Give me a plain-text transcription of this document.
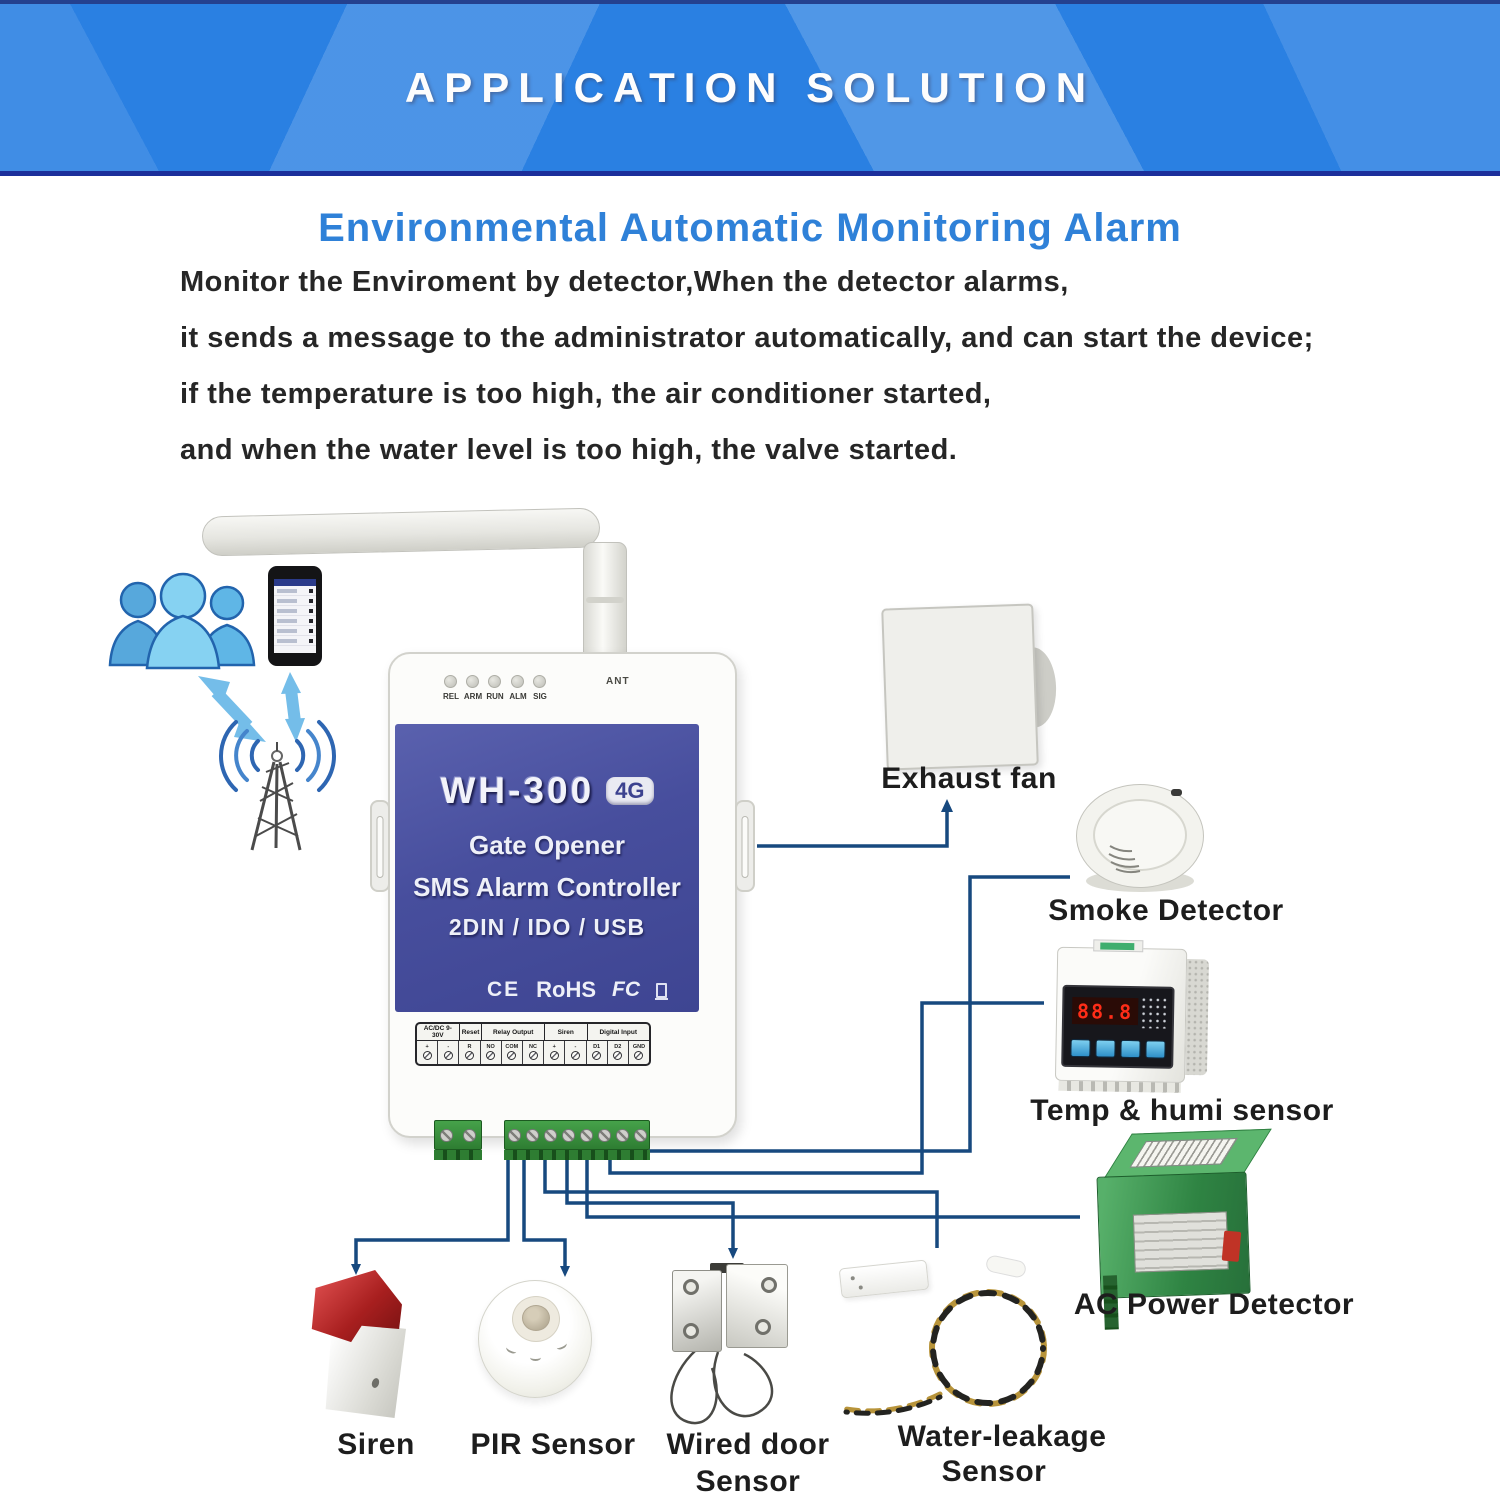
APPLICATION SOLUTION
Environmental Automatic Monitoring Alarm

Monitor the Enviroment by detector,When the detector alarms,

it sends a message to the administrator automatically, and can start the device;

if the temperature is too high, the air conditioner started,

and when the water level is too high, the valve started.

REL ARM RUN ALM SIG
ANT
WH-300 4G
Gate Opener
SMS Alarm Controller
2DIN / IDO / USB
CE RoHS FC
AC/DC 9-30V	Reset	Relay Output	Siren	Digital Input
+	-	R	NO COM NC	+	-	D1	D2 GND
88.8
Exhaust fan
Smoke Detector
Temp & humi sensor
AC Power Detector
Siren PIR Sensor Wired door
Sensor
Water-leakage
Sensor
